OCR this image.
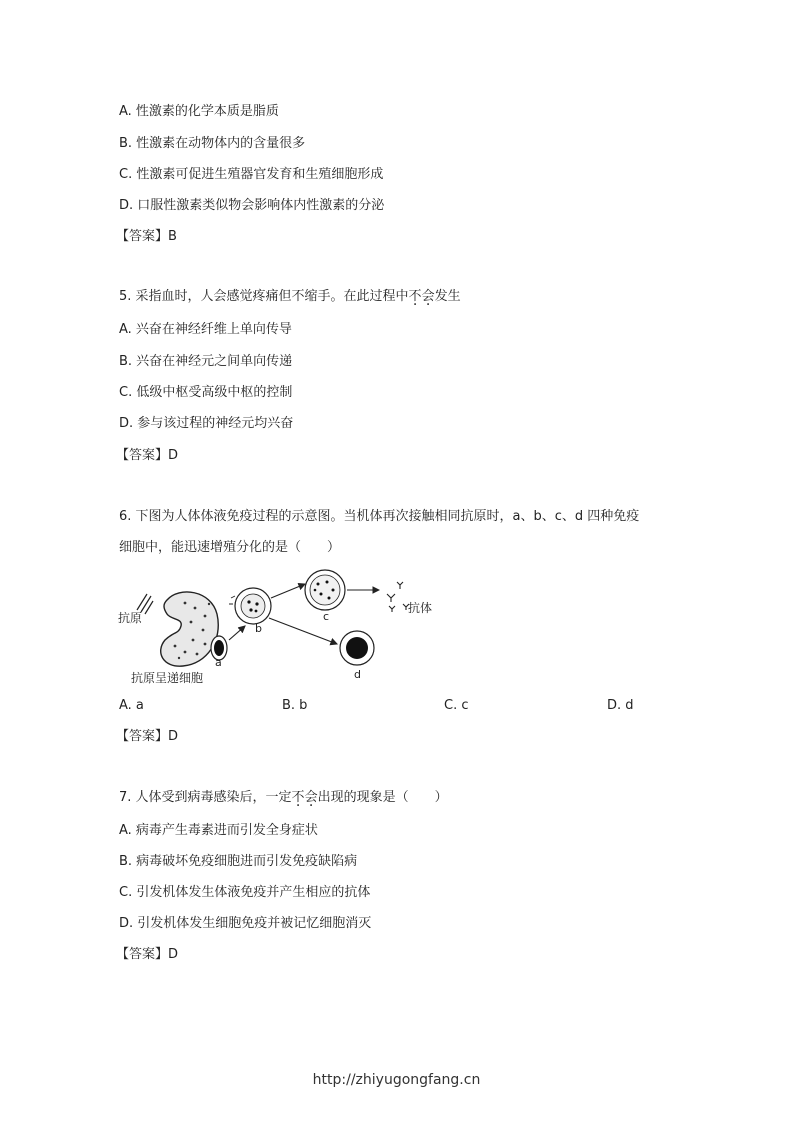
A. 性激素的化学本质是脂质
B. 性激素在动物体内的含量很多
C. 性激素可促进生殖器官发育和生殖细胞形成
D. 口服性激素类似物会影响体内性激素的分泌
【答案】B
5. 采指血时，人会感觉疼痛但不缩手。在此过程中不会发生
A. 兴奋在神经纤维上单向传导
B. 兴奋在神经元之间单向传递
C. 低级中枢受高级中枢的控制
D. 参与该过程的神经元均兴奋
【答案】D
6. 下图为人体体液免疫过程的示意图。当机体再次接触相同抗原时，a、b、c、d 四种免疫
细胞中，能迅速增殖分化的是（　　）
抗原
抗原呈递细胞
a
b
c
抗体
d
A. a	B. b	C. c	D. d
【答案】D
7. 人体受到病毒感染后，一定不会出现的现象是（　　）
A. 病毒产生毒素进而引发全身症状
B. 病毒破坏免疫细胞进而引发免疫缺陷病
C. 引发机体发生体液免疫并产生相应的抗体
D. 引发机体发生细胞免疫并被记忆细胞消灭
【答案】D
http://zhiyugongfang.cn
